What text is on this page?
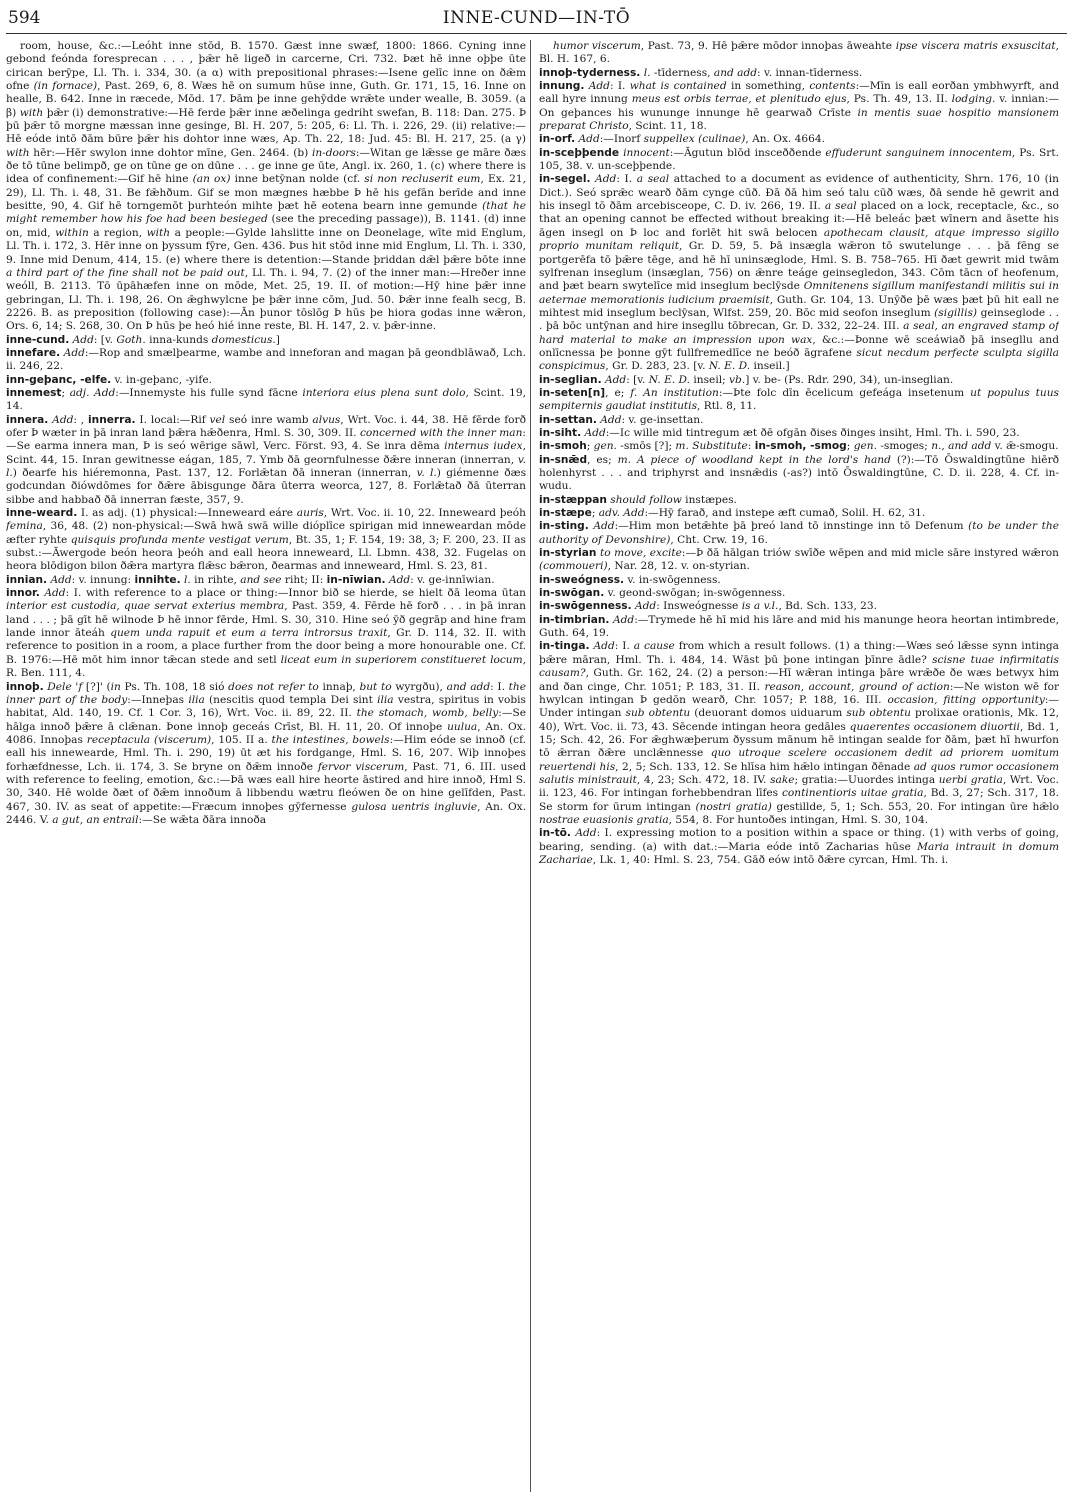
594	INNE-CUND—IN-TŌ

room, house, &c.:—Leóht inne stōd, B. 1570. Gæst inne swæf, 1800: 1866. Cyning inne gebond feónda foresprecan . . . , þǣr hē ligeð in carcerne, Cri. 732. Þæt hē inne oþþe ūte cirican berȳpe, Ll. Th. i. 334, 30. (a α) with prepositional phrases:—Isene gelīc inne on ðǣm ofne (in fornace), Past. 269, 6, 8. Wæs hē on sumum hūse inne, Guth. Gr. 171, 15, 16. Inne on healle, B. 642. Inne in ræcede, Mōd. 17. Þām þe inne gehȳdde wrǣte under wealle, B. 3059. (a β) with þǣr (i) demonstrative:—Hē ferde þǣr inne æðelinga gedriht swefan, B. 118: Dan. 275. Þ þū þǣr tō morgne mæssan inne gesinge, Bl. H. 207, 5: 205, 6: Ll. Th. i. 226, 29. (ii) relative:—Hē eóde intō ðām būre þǣr his dohtor inne wæs, Ap. Th. 22, 18: Jud. 45: Bl. H. 217, 25. (a γ) with hēr:—Hēr swylon inne dohtor mīne, Gen. 2464. (b) in-doors:—Witan ge lǣsse ge māre ðæs ðe tō tūne belimpð, ge on tūne ge on dūne . . . ge inne ge ūte, Angl. ix. 260, 1. (c) where there is idea of confinement:—Gif hē hine (an ox) inne betȳnan nolde (cf. si non recluserit eum, Ex. 21, 29), Ll. Th. i. 48, 31. Be fǣhðum. Gif se mon mægnes hæbbe Þ hē his gefān berīde and inne besitte, 90, 4. Gif hē torngemōt þurhteón mihte þæt hē eotena bearn inne gemunde (that he might remember how his foe had been besieged (see the preceding passage)), B. 1141. (d) inne on, mid, within a region, with a people:—Gylde lahslitte inne on Deonelage, wīte mid Englum, Ll. Th. i. 172, 3. Hēr inne on þyssum fȳre, Gen. 436. Þus hit stōd inne mid Englum, Ll. Th. i. 330, 9. Inne mid Denum, 414, 15. (e) where there is detention:—Stande þriddan dǣl þǣre bōte inne a third part of the fine shall not be paid out, Ll. Th. i. 94, 7. (2) of the inner man:—Hreðer inne weóll, B. 2113. Tō ūpāhæfen inne on mōde, Met. 25, 19. II. of motion:—Hȳ hine þǣr inne gebringan, Ll. Th. i. 198, 26. On ǣghwylcne þe þǣr inne cōm, Jud. 50. Þǣr inne fealh secg, B. 2226. B. as preposition (following case):—Ān þunor tōslōg Þ hūs þe hiora godas inne wǣron, Ors. 6, 14; S. 268, 30. On Þ hūs þe heó hié inne reste, Bl. H. 147, 2. v. þǣr-inne.

inne-cund. Add: [v. Goth. inna-kunds domesticus.]

innefare. Add:—Rop and smælþearme, wambe and inneforan and magan þā geondblāwað, Lch. ii. 246, 22.

inn-geþanc, -elfe. v. in-geþanc, -yife.

innemest; adj. Add:—Innemyste his fulle synd fācne interiora eius plena sunt dolo, Scint. 19, 14.

innera. Add: , innerra. I. local:—Rif vel seó inre wamb alvus, Wrt. Voc. i. 44, 38. Hē fērde forð ofer Þ wæter in þā inran land þǣra hǣðenra, Hml. S. 30, 309. II. concerned with the inner man:—Se earma innera man, Þ is seó wērige sāwl, Verc. Först. 93, 4. Se inra dēma internus iudex, Scint. 44, 15. Inran gewitnesse eágan, 185, 7. Ymb ðā geornfulnesse ðǣre inneran (innerran, v. l.) ðearfe his hiéremonna, Past. 137, 12. Forlǣtan ðā inneran (innerran, v. l.) giémenne ðæs godcundan ðiówdōmes for ðǣre ābisgunge ðāra ūterra weorca, 127, 8. Forlǣtað ðā ūterran sibbe and habbað ðā innerran fæste, 357, 9.

inne-weard. I. as adj. (1) physical:—Inneweard eáre auris, Wrt. Voc. ii. 10, 22. Inneweard þeóh femina, 36, 48. (2) non-physical:—Swā hwā swā wille dióplīce spirigan mid innewеardan mōde æfter ryhte quisquis profunda mente vestigat verum, Bt. 35, 1; F. 154, 19: 38, 3; F. 200, 23. II as subst.:—Āwergode beón heora þeóh and eall heora inneweard, Ll. Lbmn. 438, 32. Fugelas on heora blōdigon bilon ðǣra martyra flǣsc bǣron, ðearmas and inneweard, Hml. S. 23, 81.

innian. Add: v. innung: innihte. l. in rihte, and see riht; II: in-nīwian. Add: v. ge-innīwian.

innor. Add: I. with reference to a place or thing:—Innor bið se hierde, se hielt ðā leoma ūtan interior est custodia, quae servat exterius membra, Past. 359, 4. Fērde hē forð . . . in þā inran land . . . ; þā gīt hē wilnode Þ hē innor fērde, Hml. S. 30, 310. Hine seó ȳð gegrāp and hine fram lande innor āteáh quem unda rapuit et eum a terra introrsus traxit, Gr. D. 114, 32. II. with reference to position in a room, a place further from the door being a more honourable one. Cf. B. 1976:—Hē mōt him innor tǣcan stede and setl liceat eum in superiorem constitueret locum, R. Ben. 111, 4.

innoþ. Dele 'f [?]' (in Ps. Th. 108, 18 sió does not refer to innaþ, but to wyrgðu), and add: I. the inner part of the body:—Inneþas ilia (nescitis quod templa Dei sint ilia vestra, spiritus in vobis habitat, Ald. 140, 19. Cf. 1 Cor. 3, 16), Wrt. Voc. ii. 89, 22. II. the stomach, womb, belly:—Se hālga innoð þǣre ā clǣnan. Þone innoþ geceás Crīst, Bl. H. 11, 20. Of innoþe uulua, An. Ox. 4086. Innoþas receptacula (viscerum), 105. II a. the intestines, bowels:—Him eóde se innoð (cf. eall his innewearde, Hml. Th. i. 290, 19) ūt æt his fordgange, Hml. S. 16, 207. Wiþ innoþes forhæfdnesse, Lch. ii. 174, 3. Se bryne on ðǣm innoðe fervor viscerum, Past. 71, 6. III. used with reference to feeling, emotion, &c.:—Þā wæs eall hire heorte āstired and hire innoð, Hml S. 30, 340. Hē wolde ðæt of ðǣm innoðum ā libbendu wætru fleówen ðe on hine gelīfden, Past. 467, 30. IV. as seat of appetite:—Fræcum innoþes gȳfernesse gulosa uentris ingluvie, An. Ox. 2446. V. a gut, an entrail:—Se wǣta ðāra innoða

humor viscerum, Past. 73, 9. Hē þǣre mōdor innoþas āweahte ipse viscera matris exsuscitat, Bl. H. 167, 6.

innoþ-tyderness. l. -tīderness, and add: v. innan-tīderness.

innung. Add: I. what is contained in something, contents:—Mīn is eall eorðan ymbhwyrft, and eall hyre innung meus est orbis terrae, et plenitudo ejus, Ps. Th. 49, 13. II. lodging. v. innian:—On geþances his wununge innunge hē gearwað Crīste in mentis suae hospitio mansionem preparat Christo, Scint. 11, 18.

in-orf. Add:—Inorf suppellex (culinae), An. Ox. 4664.

in-sceþþende innocent:—Āgutun blōd insceððende effuderunt sanguinem innocentem, Ps. Srt. 105, 38. v. un-sceþþende.

in-segel. Add: I. a seal attached to a document as evidence of authenticity, Shrn. 176, 10 (in Dict.). Seó sprǣc wearð ðām cynge cūð. Ðā ðā him seó talu cūð wæs, ðā sende hē gewrit and his insegl tō ðām arcebisceope, C. D. iv. 266, 19. II. a seal placed on a lock, receptacle, &c., so that an opening cannot be effected without breaking it:—Hē beleác þæt wīnern and āsette his āgen insegl on Þ loc and forlēt hit swā belocen apothecam clausit, atque impresso sigillo proprio munitam reliquit, Gr. D. 59, 5. Þā insægla wǣron tō swutelunge . . . þā fēng se portgerēfa tō þǣre tēge, and hē hī uninsæglode, Hml. S. B. 758–765. Hī ðæt gewrit mid twām sylfrenan inseglum (insæglan, 756) on ǣnre teáge geinsegledon, 343. Cōm tācn of heofenum, and þæt bearn swytelīce mid inseglum beclȳsde Omnitenens sigillum manifestandi militis sui in aeternae memorationis iudicium praemisit, Guth. Gr. 104, 13. Unȳðe þē wæs þæt þū hit eall ne mihtest mid inseglum beclȳsan, Wlfst. 259, 20. Bōc mid seofon inseglum (sigillis) geinseglode . . . þā bōc untȳnan and hire insegllu tōbrecan, Gr. D. 332, 22–24. III. a seal, an engraved stamp of hard material to make an impression upon wax, &c.:—Þonne wē sceáwiað þā insegllu and onlīcnessa þe þonne gȳt fullfremedlīce ne beóð āgrafene sicut necdum perfecte sculpta sigilla conspicimus, Gr. D. 283, 23. [v. N. E. D. inseil.]

in-seglian. Add: [v. N. E. D. inseil; vb.] v. be- (Ps. Rdr. 290, 34), un-inseglian.

in-seten[n], e; f. An institution:—Þte folc dīn ēcelicum gefeága insetenum ut populus tuus sempiternis gaudiat institutis, Rtl. 8, 11.

in-settan. Add: v. ge-insettan.

in-siht. Add:—Ic wille mid tintregum æt ðē ofgān ðises ðinges insiht, Hml. Th. i. 590, 23.

in-smoh; gen. -smōs [?]; m. Substitute: in-smoh, -smog; gen. -smoges; n., and add v. ǣ-smogu.

in-snǣd, es; m. A piece of woodland kept in the lord's hand (?):—Tō Ōswaldingtūne hiērð holenhyrst . . . and triphyrst and insnǣdis (-as?) intō Ōswaldingtūne, C. D. ii. 228, 4. Cf. in-wudu.

in-stæppan should follow instæpes.

in-stæpe; adv. Add:—Hȳ farað, and instepe æft cumað, Solil. H. 62, 31.

in-sting. Add:—Him mon betǣhte þā þreó land tō innstinge inn tō Defenum (to be under the authority of Devonshire), Cht. Crw. 19, 16.

in-styrian to move, excite:—Þ ðā hālgan triów swīðe wēpen and mid micle sāre instyred wǣron (commoueri), Nar. 28, 12. v. on-styrian.

in-sweógness. v. in-swōgenness.

in-swōgan. v. geond-swōgan; in-swōgenness.

in-swōgenness. Add: Insweógnesse is a v.l., Bd. Sch. 133, 23.

in-timbrian. Add:—Trymede hē hī mid his lāre and mid his manunge heora heortan intimbrede, Guth. 64, 19.

in-tinga. Add: I. a cause from which a result follows. (1) a thing:—Wæs seó lǣsse synn intinga þǣre māran, Hml. Th. i. 484, 14. Wāst þū þone intingan þīnre ādle? scisne tuae infirmitatis causam?, Guth. Gr. 162, 24. (2) a person:—Hī wǣran intinga þāre wrǣðe ðe wæs betwyx him and ðan cinge, Chr. 1051; P. 183, 31. II. reason, account, ground of action:—Ne wiston wē for hwylcan intingan Þ gedōn wearð, Chr. 1057; P. 188, 16. III. occasion, fitting opportunity:—Under intingan sub obtentu (deuorant domos uiduarum sub obtentu prolixae orationis, Mk. 12, 40), Wrt. Voc. ii. 73, 43. Sēcende intingan heora gedāles quaerentes occasionem diuortii, Bd. 1, 15; Sch. 42, 26. For ǣghwæþerum ðyssum mānum hē intingan sealde for ðām, þæt hī hwurfon tō ǣrran ðǣre unclǣnnesse quo utroque scelere occasionem dedit ad priorem uomitum reuertendi his, 2, 5; Sch. 133, 12. Se hlīsa him hǣlo intingan ðēnade ad quos rumor occasionem salutis ministrauit, 4, 23; Sch. 472, 18. IV. sake; gratia:—Uuordes intinga uerbi gratia, Wrt. Voc. ii. 123, 46. For intingan forhebbendran līfes continentioris uitae gratia, Bd. 3, 27; Sch. 317, 18. Se storm for ūrum intingan (nostri gratia) gestillde, 5, 1; Sch. 553, 20. For intingan ūre hǣlo nostrae euasionis gratia, 554, 8. For huntoðes intingan, Hml. S. 30, 104.

in-tō. Add: I. expressing motion to a position within a space or thing. (1) with verbs of going, bearing, sending. (a) with dat.:—Maria eóde intō Zacharias hūse Maria intrauit in domum Zachariae, Lk. 1, 40: Hml. S. 23, 754. Gāð eów intō ðǣre cyrcan, Hml. Th. i.
